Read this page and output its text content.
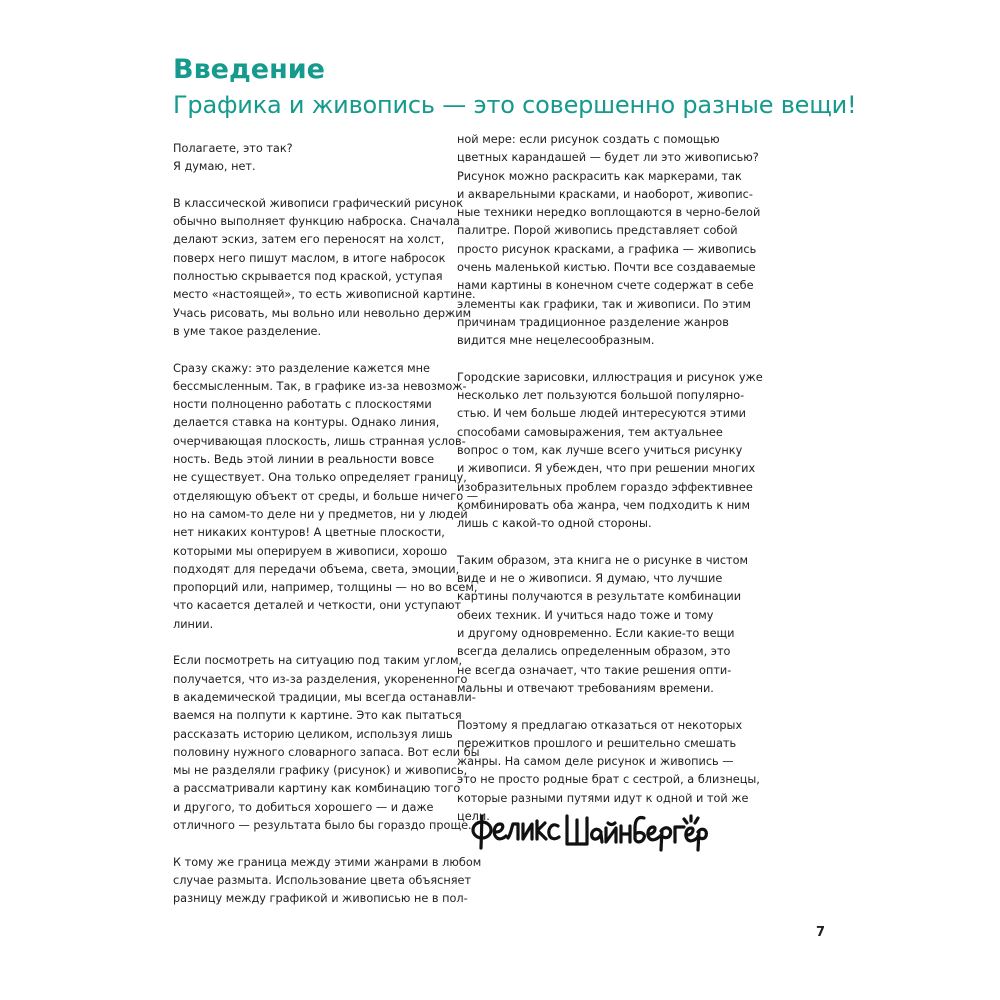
Введение
Графика и живопись — это совершенно разные вещи!

Полагаете, это так?
Я думаю, нет.

В классической живописи графический рисунок
обычно выполняет функцию наброска. Сначала
делают эскиз, затем его переносят на холст,
поверх него пишут маслом, в итоге набросок
полностью скрывается под краской, уступая
место «настоящей», то есть живописной картине.
Учась рисовать, мы вольно или невольно держим
в уме такое разделение.

Сразу скажу: это разделение кажется мне
бессмысленным. Так, в графике из-за невозмож-
ности полноценно работать с плоскостями
делается ставка на контуры. Однако линия,
очерчивающая плоскость, лишь странная услов-
ность. Ведь этой линии в реальности вовсе
не существует. Она только определяет границу,
отделяющую объект от среды, и больше ничего —
но на самом-то деле ни у предметов, ни у людей
нет никаких контуров! А цветные плоскости,
которыми мы оперируем в живописи, хорошо
подходят для передачи объема, света, эмоции,
пропорций или, например, толщины — но во всем,
что касается деталей и четкости, они уступают
линии.

Если посмотреть на ситуацию под таким углом,
получается, что из-за разделения, укорененного
в академической традиции, мы всегда останавли-
ваемся на полпути к картине. Это как пытаться
рассказать историю целиком, используя лишь
половину нужного словарного запаса. Вот если бы
мы не разделяли графику (рисунок) и живопись,
а рассматривали картину как комбинацию того
и другого, то добиться хорошего — и даже
отличного — результата было бы гораздо проще.

К тому же граница между этими жанрами в любом
случае размыта. Использование цвета объясняет
разницу между графикой и живописью не в пол-

ной мере: если рисунок создать с помощью
цветных карандашей — будет ли это живописью?
Рисунок можно раскрасить как маркерами, так
и акварельными красками, и наоборот, живопис-
ные техники нередко воплощаются в черно-белой
палитре. Порой живопись представляет собой
просто рисунок красками, а графика — живопись
очень маленькой кистью. Почти все создаваемые
нами картины в конечном счете содержат в себе
элементы как графики, так и живописи. По этим
причинам традиционное разделение жанров
видится мне нецелесообразным.

Городские зарисовки, иллюстрация и рисунок уже
несколько лет пользуются большой популярно-
стью. И чем больше людей интересуются этими
способами самовыражения, тем актуальнее
вопрос о том, как лучше всего учиться рисунку
и живописи. Я убежден, что при решении многих
изобразительных проблем гораздо эффективнее
комбинировать оба жанра, чем подходить к ним
лишь с какой-то одной стороны.

Таким образом, эта книга не о рисунке в чистом
виде и не о живописи. Я думаю, что лучшие
картины получаются в результате комбинации
обеих техник. И учиться надо тоже и тому
и другому одновременно. Если какие-то вещи
всегда делались определенным образом, это
не всегда означает, что такие решения опти-
мальны и отвечают требованиям времени.

Поэтому я предлагаю отказаться от некоторых
пережитков прошлого и решительно смешать
жанры. На самом деле рисунок и живопись —
это не просто родные брат с сестрой, а близнецы,
которые разными путями идут к одной и той же
цели.

7
